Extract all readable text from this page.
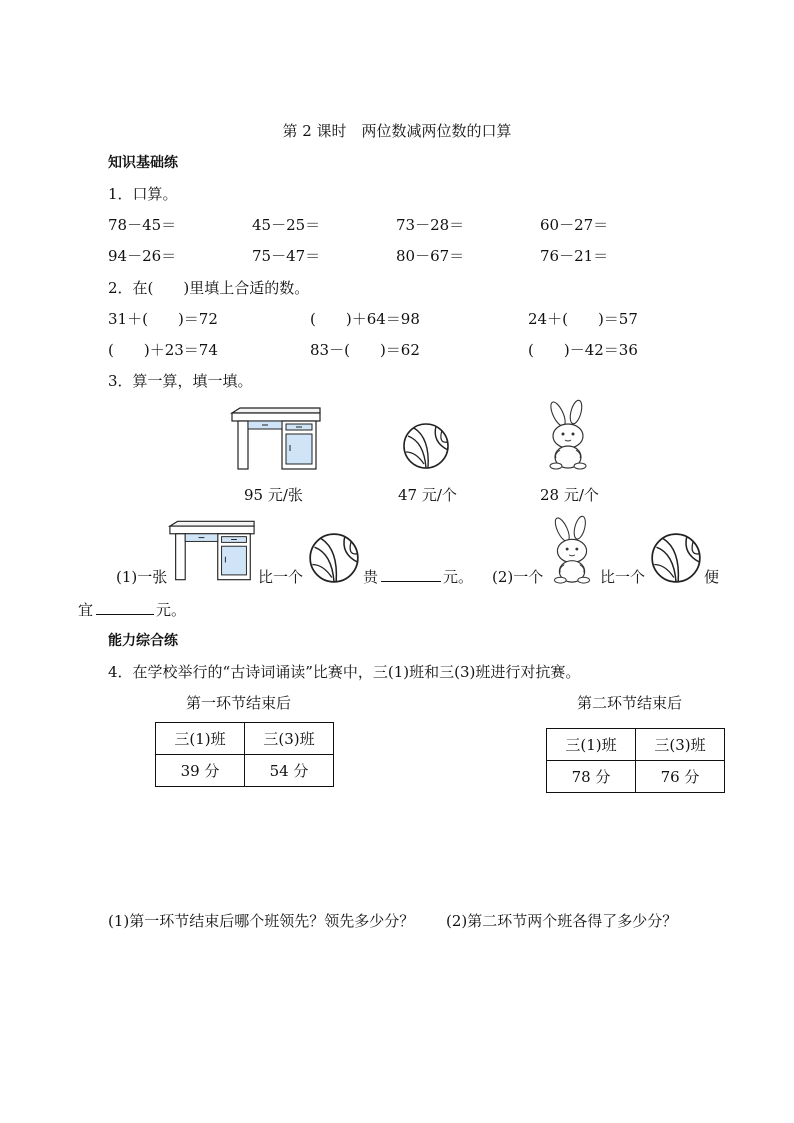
第 2 课时　两位数减两位数的口算
知识基础练
1．口算。
78－45＝	45－25＝	73－28＝	60－27＝
94－26＝	75－47＝	80－67＝	76－21＝
2．在(　　)里填上合适的数。
31＋(　　)＝72	(　　)＋64＝98	24＋(　　)＝57
(　　)＋23＝74	83－(　　)＝62	(　　)－42＝36
3．算一算，填一填。
95 元/张	47 元/个	28 元/个
(1)一张	比一个	贵	元。 (2)一个	比一个	便
宜	元。
能力综合练
4．在学校举行的“古诗词诵读”比赛中，三(1)班和三(3)班进行对抗赛。
第一环节结束后
三(1)班	三(3)班
39 分	54 分
第二环节结束后
三(1)班	三(3)班
78 分	76 分
(1)第一环节结束后哪个班领先？领先多少分？ (2)第二环节两个班各得了多少分？
